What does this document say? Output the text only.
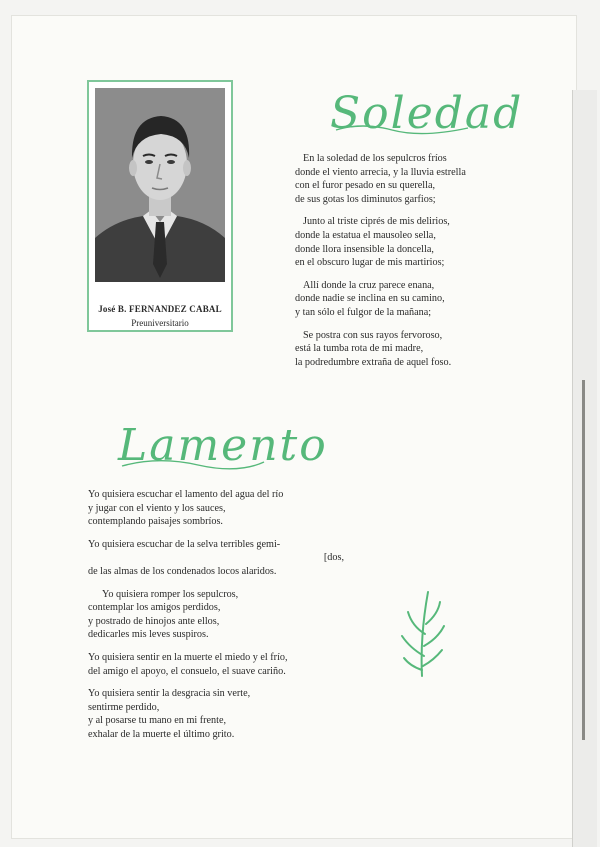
José B. FERNANDEZ CABAL
Preuniversitario
Soledad
En la soledad de los sepulcros fríos
donde el viento arrecia, y la lluvia estrella
con el furor pesado en su querella,
de sus gotas los diminutos garfios;
Junto al triste ciprés de mis delirios,
donde la estatua el mausoleo sella,
donde llora insensible la doncella,
en el obscuro lugar de mis martirios;
Allí donde la cruz parece enana,
donde nadie se inclina en su camino,
y tan sólo el fulgor de la mañana;
Se postra con sus rayos fervoroso,
está la tumba rota de mi madre,
la podredumbre extraña de aquel foso.
Lamento
Yo quisiera escuchar el lamento del agua del río
y jugar con el viento y los sauces,
contemplando paisajes sombríos.
Yo quisiera escuchar de la selva terribles gemi-
[dos,
de las almas de los condenados locos alaridos.
Yo quisiera romper los sepulcros,
contemplar los amigos perdidos,
y postrado de hinojos ante ellos,
dedicarles mis leves suspiros.
Yo quisiera sentir en la muerte el miedo y el frío,
del amigo el apoyo, el consuelo, el suave cariño.
Yo quisiera sentir la desgracia sin verte,
sentirme perdido,
y al posarse tu mano en mi frente,
exhalar de la muerte el último grito.
